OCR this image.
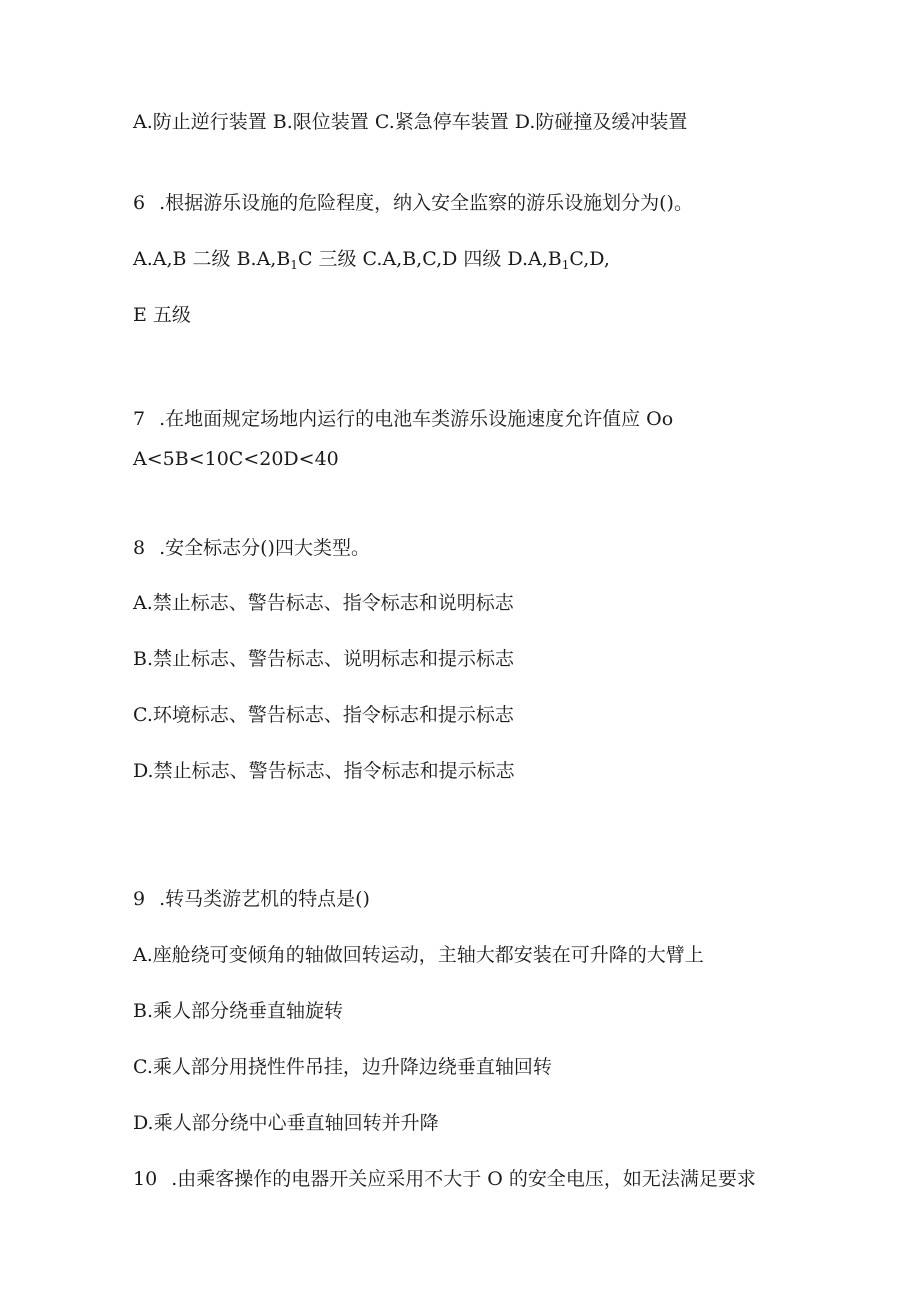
A.防止逆行装置 B.限位装置 C.紧急停车装置 D.防碰撞及缓冲装置
6 .根据游乐设施的危险程度，纳入安全监察的游乐设施划分为()。
A.A,B 二级 $B.A,B_1C$ 三级 C.A,B,C,D 四级 $D.A,B_1C,D$,
E 五级
7 .在地面规定场地内运行的电池车类游乐设施速度允许值应 Oo
A<5B<10C<20D<40
8 .安全标志分()四大类型。
A.禁止标志、警告标志、指令标志和说明标志
B.禁止标志、警告标志、说明标志和提示标志
C.环境标志、警告标志、指令标志和提示标志
D.禁止标志、警告标志、指令标志和提示标志
9 .转马类游艺机的特点是()
A.座舱绕可变倾角的轴做回转运动，主轴大都安装在可升降的大臂上
B.乘人部分绕垂直轴旋转
C.乘人部分用挠性件吊挂，边升降边绕垂直轴回转
D.乘人部分绕中心垂直轴回转并升降
10 .由乘客操作的电器开关应采用不大于 O 的安全电压，如无法满足要求
